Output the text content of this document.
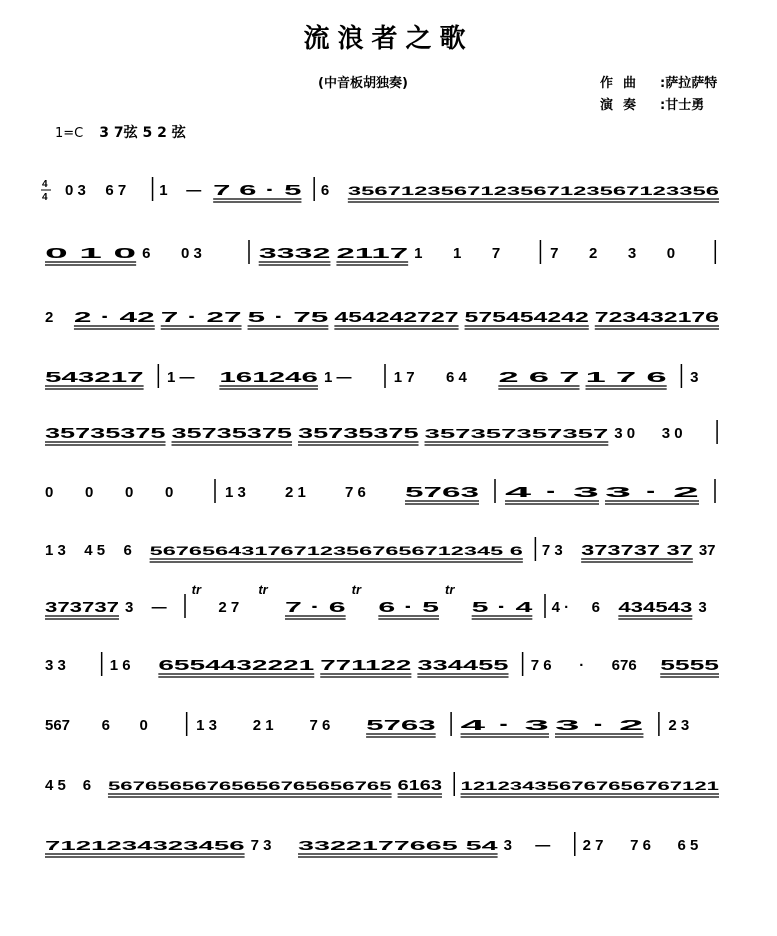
流浪者之歌
(中音板胡独奏)	作曲 :萨拉萨特
演奏 :甘士勇
1=C 3 7弦 5 2 弦
4
4 0 3 6 7 1 — 7 6 · 5 6 3567123567123567123567123356
0 1 0 6 0 3	3332 2117 1 1 7	7 2 3 0
2 2 · 42 7 · 27 5 · 75 454242727 575454242 723432176
543217 1 — 161246 1 —	1 7 6 4 2 6 7 1 7 6 3
35735375 35735375 35735375 357357357357 3 0 3 0
0 0 0 0	1 3	2 1	7 6	5763 4 · 3 3 · 2
1 3 4 5 6 567656431767123567656712345 6 7 3 373737 37 37
373737 3 —
tr
2 7
tr
7 · 6
tr
6 · 5
tr
5 · 4 4 · 6 434543 3
3 3	1 6 6554432221 771122 334455 7 6 · 676 5555
567 6 0	1 3 2 1 7 6 5763 4 · 3 3 · 2 2 3
4 5 6 56765656765656765656765 6163 121234356767656767121
7121234323456 7 3 3322177665 54 3 — 2 7 7 6 6 5
